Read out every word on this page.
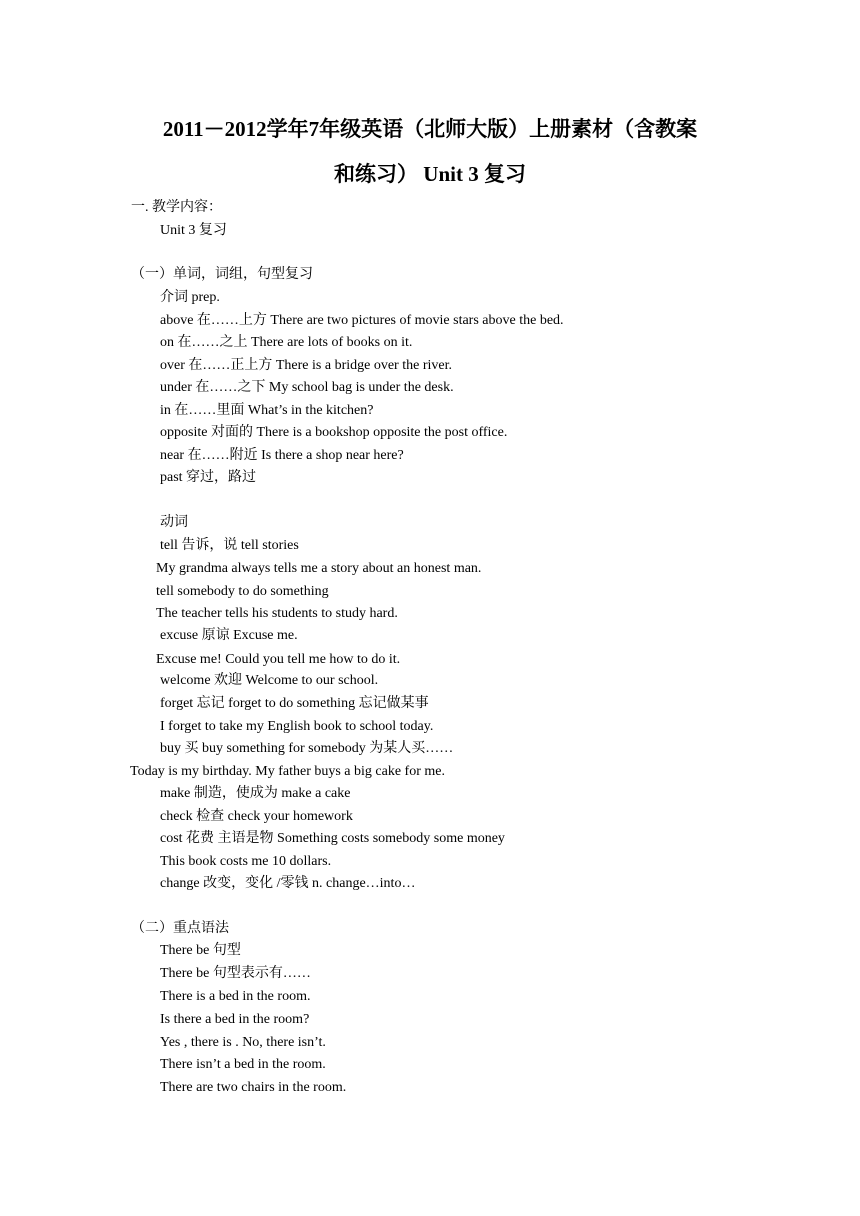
2011－2012学年7年级英语（北师大版）上册素材（含教案
和练习） Unit 3 复习
一. 教学内容：
Unit 3 复习
（一）单词，词组，句型复习
介词 prep.
above 在……上方 There are two pictures of movie stars above the bed.
on 在……之上 There are lots of books on it.
over 在……正上方 There is a bridge over the river.
under 在……之下 My school bag is under the desk.
in 在……里面 What’s in the kitchen?
opposite 对面的 There is a bookshop opposite the post office.
near 在……附近 Is there a shop near here?
past 穿过，路过
动词
tell 告诉，说 tell stories
My grandma always tells me a story about an honest man.
tell somebody to do something
The teacher tells his students to study hard.
excuse 原谅 Excuse me.
Excuse me! Could you tell me how to do it.
welcome 欢迎 Welcome to our school.
forget 忘记 forget to do something 忘记做某事
I forget to take my English book to school today.
buy 买 buy something for somebody 为某人买……
Today is my birthday. My father buys a big cake for me.
make 制造，使成为 make a cake
check 检查 check your homework
cost 花费 主语是物 Something costs somebody some money
This book costs me 10 dollars.
change 改变，变化 /零钱 n. change…into…
（二）重点语法
There be 句型
There be 句型表示有……
There is a bed in the room.
Is there a bed in the room?
Yes , there is . No, there isn’t.
There isn’t a bed in the room.
There are two chairs in the room.
